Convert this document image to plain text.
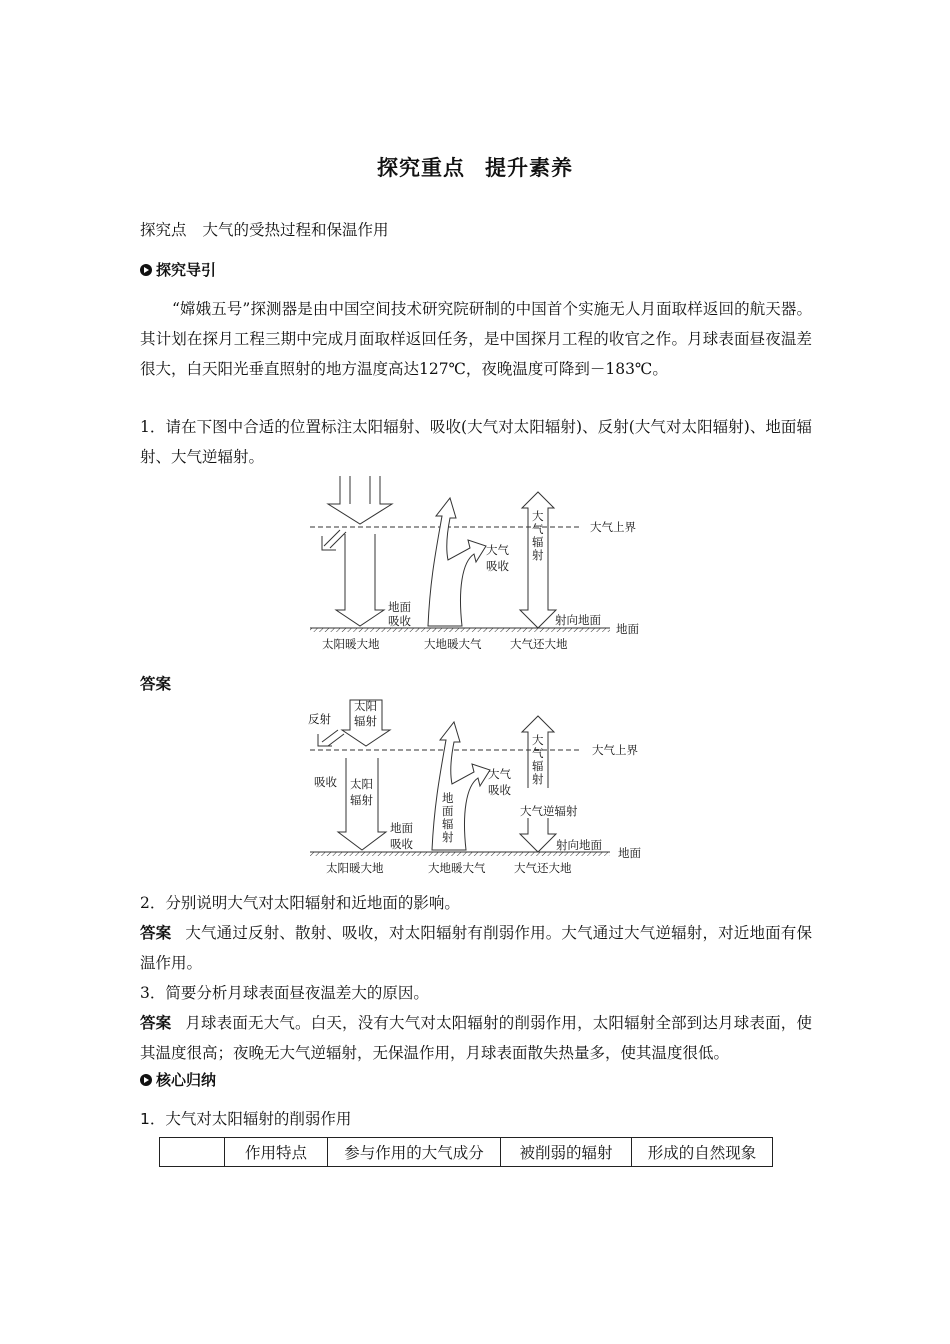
探究重点 提升素养
探究点 大气的受热过程和保温作用
探究导引
“嫦娥五号”探测器是由中国空间技术研究院研制的中国首个实施无人月面取样返回的航天器。其计划在探月工程三期中完成月面取样返回任务，是中国探月工程的收官之作。月球表面昼夜温差很大，白天阳光垂直照射的地方温度高达127℃，夜晚温度可降到－183℃。
1．请在下图中合适的位置标注太阳辐射、吸收(大气对太阳辐射)、反射(大气对太阳辐射)、地面辐射、大气逆辐射。
大气上界
地面
地面
吸收
大气
吸收
大
气
辐
射
射向地面
太阳暖大地	大地暖大气 大气还大地
答案
太阳
辐射
反射
大气上界
吸收 太阳
辐射
地面
吸收
地
面
辐
射
大气
吸收
大
气
辐
射
大气逆辐射
射向地面
地面
太阳暖大地	大地暖大气 大气还大地
2．分别说明大气对太阳辐射和近地面的影响。
答案 大气通过反射、散射、吸收，对太阳辐射有削弱作用。大气通过大气逆辐射，对近地面有保温作用。
3．简要分析月球表面昼夜温差大的原因。
答案 月球表面无大气。白天，没有大气对太阳辐射的削弱作用，太阳辐射全部到达月球表面，使其温度很高；夜晚无大气逆辐射，无保温作用，月球表面散失热量多，使其温度很低。
核心归纳
1．大气对太阳辐射的削弱作用
	作用特点	参与作用的大气成分	被削弱的辐射	形成的自然现象
